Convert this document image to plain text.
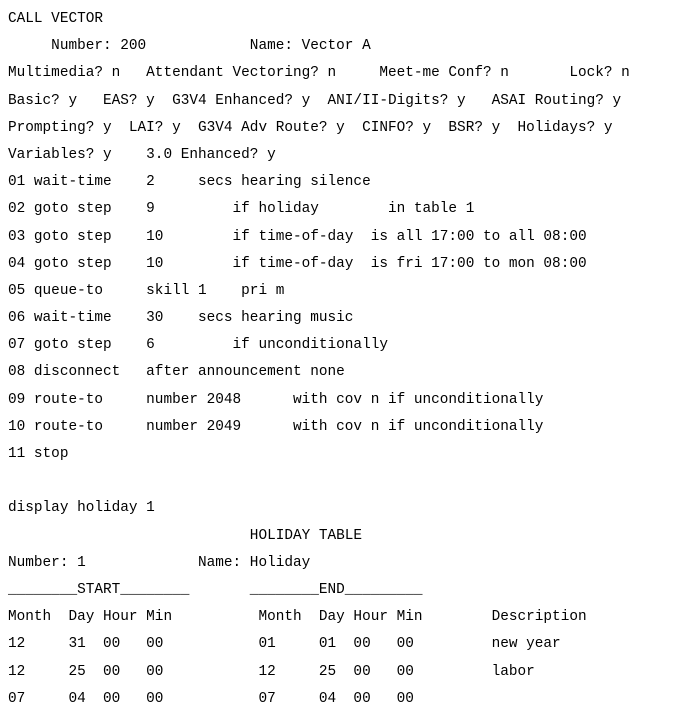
CALL VECTOR
Number: 200            Name: Vector A
Multimedia? n   Attendant Vectoring? n     Meet-me Conf? n       Lock? n
Basic? y   EAS? y  G3V4 Enhanced? y  ANI/II-Digits? y   ASAI Routing? y
Prompting? y  LAI? y  G3V4 Adv Route? y  CINFO? y  BSR? y  Holidays? y
Variables? y    3.0 Enhanced? y
01 wait-time    2     secs hearing silence
02 goto step    9         if holiday        in table 1
03 goto step    10        if time-of-day  is all 17:00 to all 08:00
04 goto step    10        if time-of-day  is fri 17:00 to mon 08:00
05 queue-to     skill 1    pri m
06 wait-time    30    secs hearing music
07 goto step    6         if unconditionally
08 disconnect   after announcement none
09 route-to     number 2048      with cov n if unconditionally
10 route-to     number 2049      with cov n if unconditionally
11 stop
display holiday 1
HOLIDAY TABLE
Number: 1             Name: Holiday
________START________       ________END_________
Month  Day Hour Min          Month  Day Hour Min        Description
12     31  00   00           01     01  00   00         new year
12     25  00   00           12     25  00   00         labor
07     04  00   00           07     04  00   00
